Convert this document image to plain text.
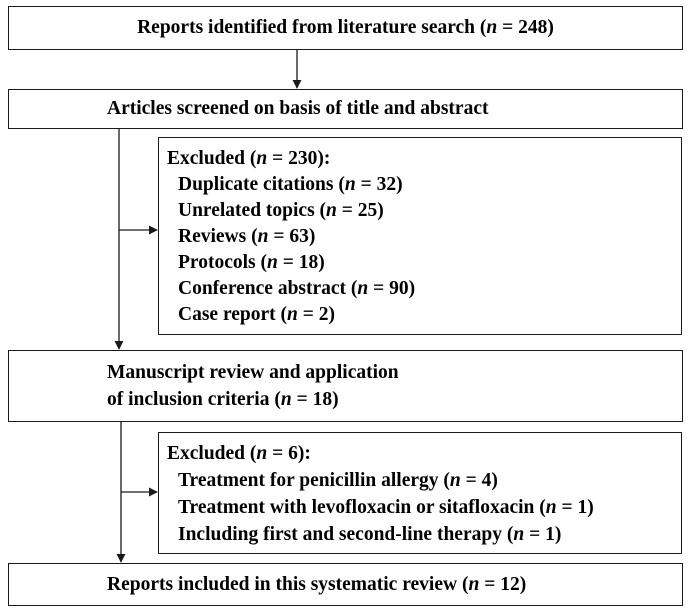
Reports identified from literature search (n = 248)
Articles screened on basis of title and abstract
Excluded (n = 230):
Duplicate citations (n = 32)
Unrelated topics (n = 25)
Reviews (n = 63)
Protocols (n = 18)
Conference abstract (n = 90)
Case report (n = 2)
Manuscript review and application
of inclusion criteria (n = 18)
Excluded (n = 6):
Treatment for penicillin allergy (n = 4)
Treatment with levofloxacin or sitafloxacin (n = 1)
Including first and second-line therapy (n = 1)
Reports included in this systematic review (n = 12)
